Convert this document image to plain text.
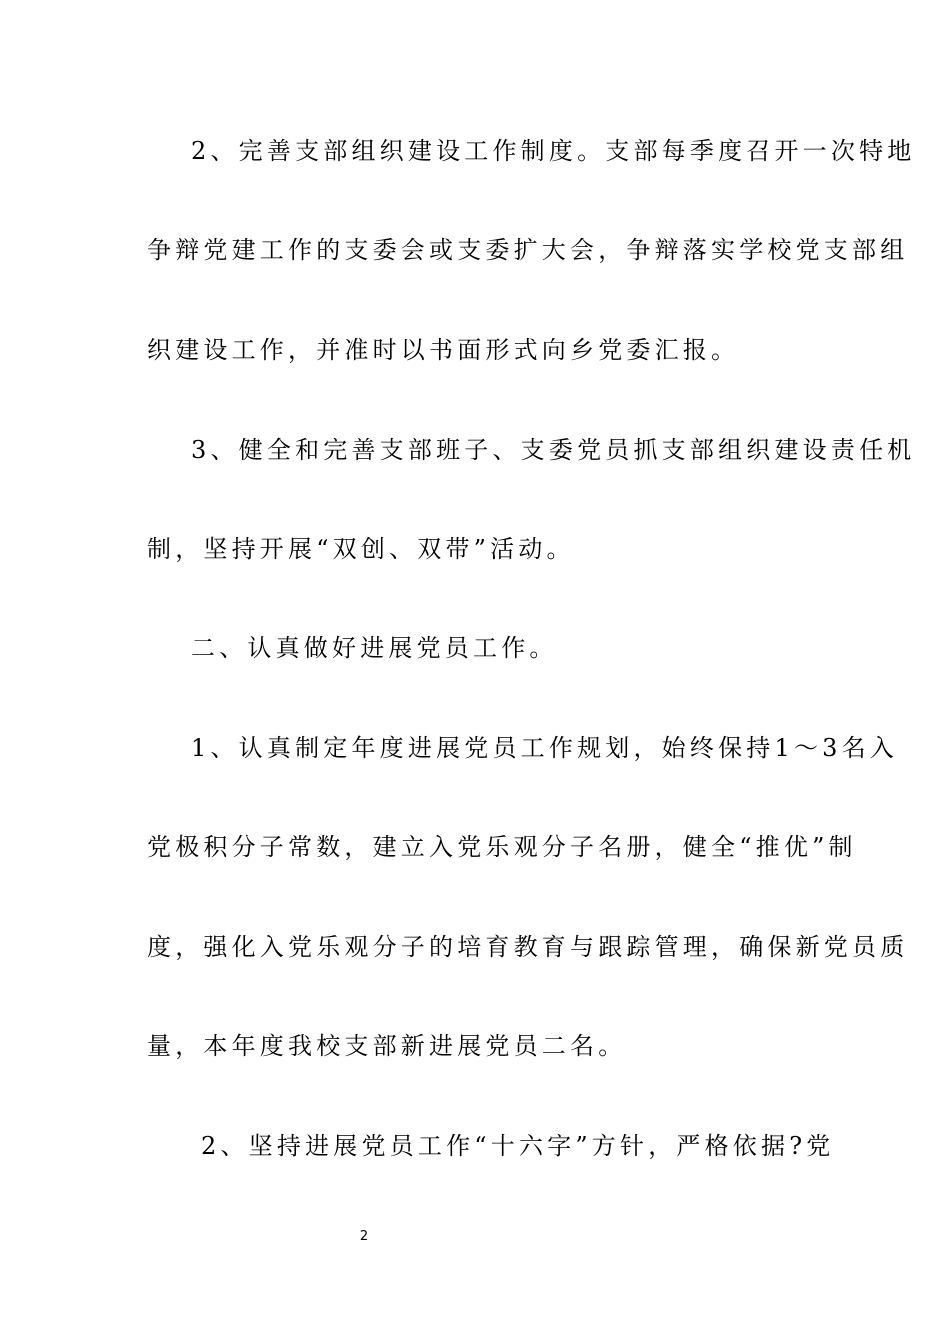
2、完善支部组织建设工作制度。支部每季度召开一次特地
争辩党建工作的支委会或支委扩大会，争辩落实学校党支部组
织建设工作，并准时以书面形式向乡党委汇报。
3、健全和完善支部班子、支委党员抓支部组织建设责任机
制，坚持开展“双创、双带”活动。
二、认真做好进展党员工作。
1、认真制定年度进展党员工作规划，始终保持1～3名入
党极积分子常数，建立入党乐观分子名册，健全“推优”制
度，强化入党乐观分子的培育教育与跟踪管理，确保新党员质
量，本年度我校支部新进展党员二名。
2、坚持进展党员工作“十六字”方针，严格依据?党
2
